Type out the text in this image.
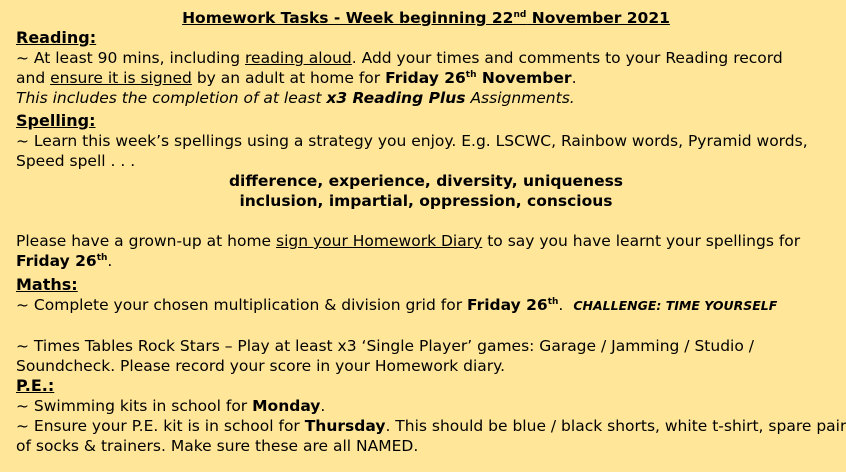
Homework Tasks - Week beginning 22nd November 2021
Reading:
~ At least 90 mins, including reading aloud. Add your times and comments to your Reading record
and ensure it is signed by an adult at home for Friday 26th November.
This includes the completion of at least x3 Reading Plus Assignments.
Spelling:
~ Learn this week’s spellings using a strategy you enjoy. E.g. LSCWC, Rainbow words, Pyramid words,
Speed spell . . .
difference, experience, diversity, uniqueness
inclusion, impartial, oppression, conscious
Please have a grown-up at home sign your Homework Diary to say you have learnt your spellings for
Friday 26th.
Maths:
~ Complete your chosen multiplication & division grid for Friday 26th. CHALLENGE: TIME YOURSELF
~ Times Tables Rock Stars – Play at least x3 ‘Single Player’ games: Garage / Jamming / Studio /
Soundcheck. Please record your score in your Homework diary.
P.E.:
~ Swimming kits in school for Monday.
~ Ensure your P.E. kit is in school for Thursday. This should be blue / black shorts, white t-shirt, spare pair
of socks & trainers. Make sure these are all NAMED.
